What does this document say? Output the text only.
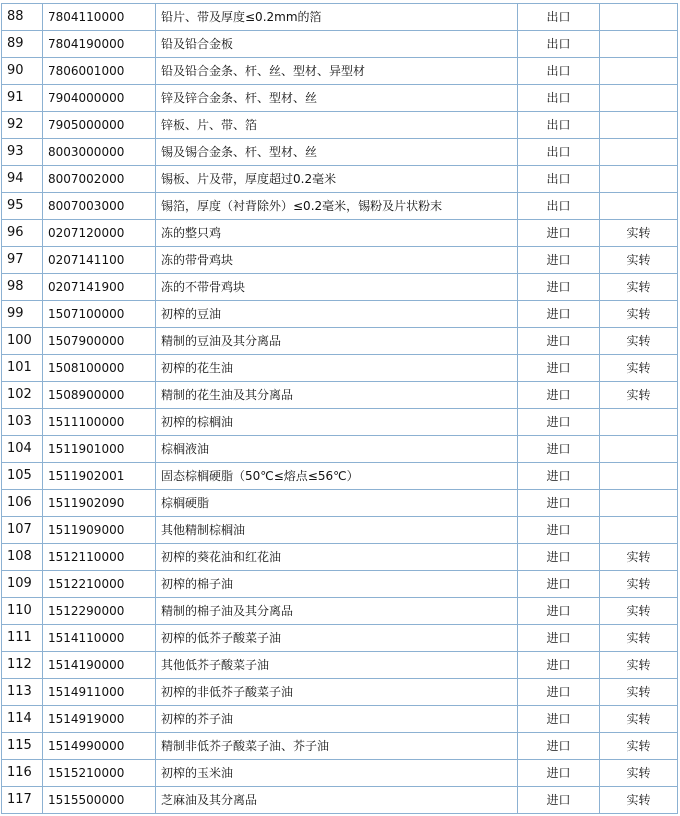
88	7804110000	铅片、带及厚度≤0.2mm的箔	出口	
89	7804190000	铅及铅合金板	出口	
90	7806001000	铅及铅合金条、杆、丝、型材、异型材	出口	
91	7904000000	锌及锌合金条、杆、型材、丝	出口	
92	7905000000	锌板、片、带、箔	出口	
93	8003000000	锡及锡合金条、杆、型材、丝	出口	
94	8007002000	锡板、片及带，厚度超过0.2毫米	出口	
95	8007003000	锡箔，厚度（衬背除外）≤0.2毫米，锡粉及片状粉末	出口	
96	0207120000	冻的整只鸡	进口	实转
97	0207141100	冻的带骨鸡块	进口	实转
98	0207141900	冻的不带骨鸡块	进口	实转
99	1507100000	初榨的豆油	进口	实转
100	1507900000	精制的豆油及其分离品	进口	实转
101	1508100000	初榨的花生油	进口	实转
102	1508900000	精制的花生油及其分离品	进口	实转
103	1511100000	初榨的棕榈油	进口	
104	1511901000	棕榈液油	进口	
105	1511902001	固态棕榈硬脂（50℃≤熔点≤56℃）	进口	
106	1511902090	棕榈硬脂	进口	
107	1511909000	其他精制棕榈油	进口	
108	1512110000	初榨的葵花油和红花油	进口	实转
109	1512210000	初榨的棉子油	进口	实转
110	1512290000	精制的棉子油及其分离品	进口	实转
111	1514110000	初榨的低芥子酸菜子油	进口	实转
112	1514190000	其他低芥子酸菜子油	进口	实转
113	1514911000	初榨的非低芥子酸菜子油	进口	实转
114	1514919000	初榨的芥子油	进口	实转
115	1514990000	精制非低芥子酸菜子油、芥子油	进口	实转
116	1515210000	初榨的玉米油	进口	实转
117	1515500000	芝麻油及其分离品	进口	实转
